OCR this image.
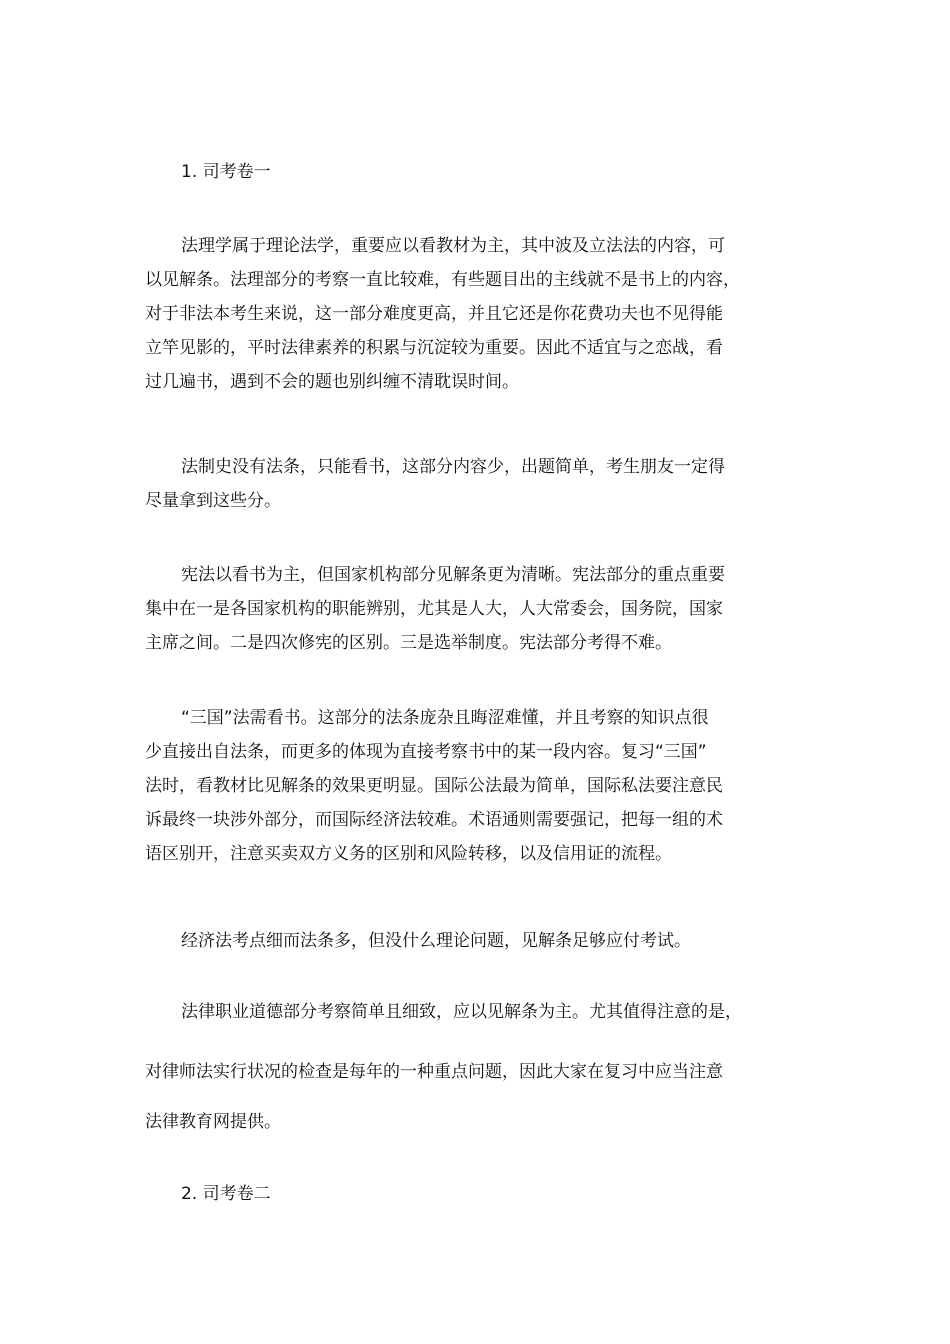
1. 司考卷一

法理学属于理论法学，重要应以看教材为主，其中波及立法法的内容，可
以见解条。法理部分的考察一直比较难，有些题目出的主线就不是书上的内容，
对于非法本考生来说，这一部分难度更高，并且它还是你花费功夫也不见得能
立竿见影的，平时法律素养的积累与沉淀较为重要。因此不适宜与之恋战，看
过几遍书，遇到不会的题也别纠缠不清耽误时间。

法制史没有法条，只能看书，这部分内容少，出题简单，考生朋友一定得
尽量拿到这些分。

宪法以看书为主，但国家机构部分见解条更为清晰。宪法部分的重点重要
集中在一是各国家机构的职能辨别，尤其是人大，人大常委会，国务院，国家
主席之间。二是四次修宪的区别。三是选举制度。宪法部分考得不难。

“三国”法需看书。这部分的法条庞杂且晦涩难懂，并且考察的知识点很
少直接出自法条，而更多的体现为直接考察书中的某一段内容。复习“三国”
法时，看教材比见解条的效果更明显。国际公法最为简单，国际私法要注意民
诉最终一块涉外部分，而国际经济法较难。术语通则需要强记，把每一组的术
语区别开，注意买卖双方义务的区别和风险转移，以及信用证的流程。

经济法考点细而法条多，但没什么理论问题，见解条足够应付考试。

法律职业道德部分考察简单且细致，应以见解条为主。尤其值得注意的是，

对律师法实行状况的检查是每年的一种重点问题，因此大家在复习中应当注意

法律教育网提供。

2. 司考卷二
